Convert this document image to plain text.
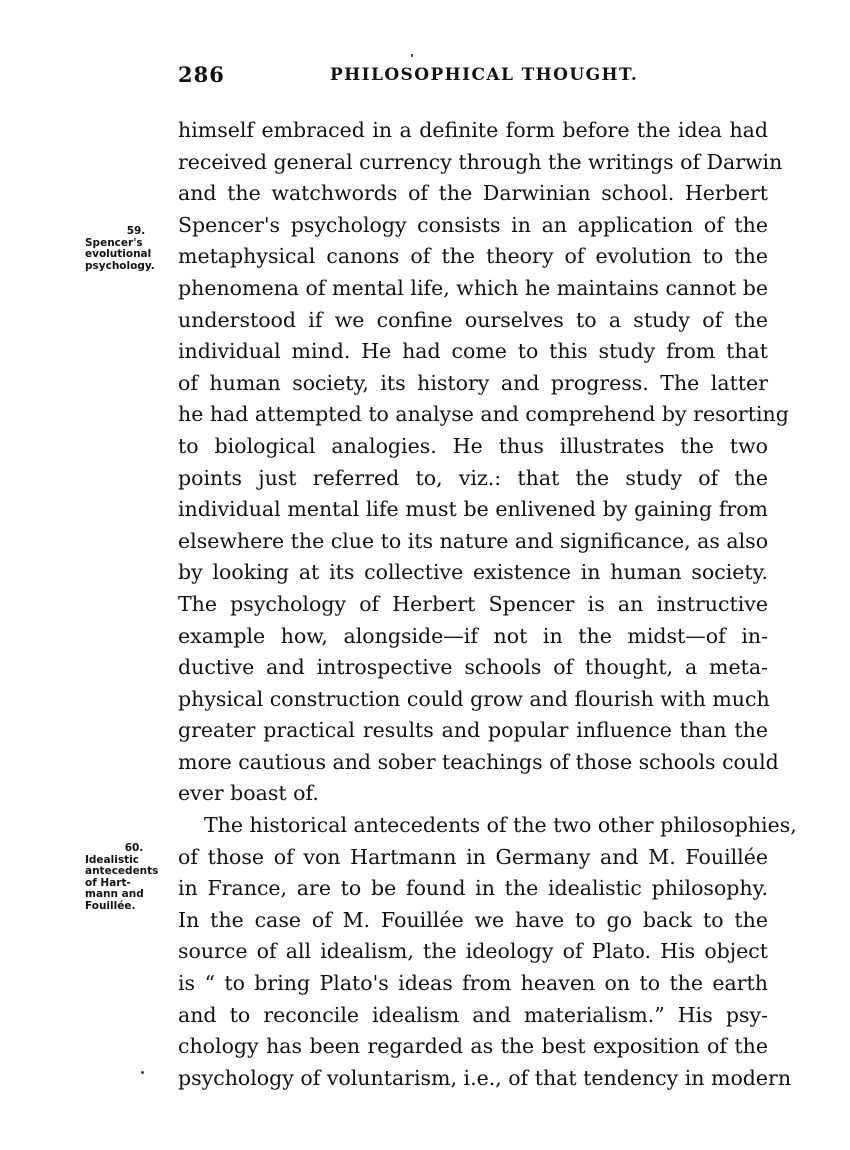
286	PHILOSOPHICAL THOUGHT.
59.
Spencer's
evolutional
psychology.
60.
Idealistic
antecedents
of Hart-
mann and
Fouillée.
himself embraced in a definite form before the idea had
received general currency through the writings of Darwin
and the watchwords of the Darwinian school. Herbert
Spencer's psychology consists in an application of the
metaphysical canons of the theory of evolution to the
phenomena of mental life, which he maintains cannot be
understood if we confine ourselves to a study of the
individual mind. He had come to this study from that
of human society, its history and progress. The latter
he had attempted to analyse and comprehend by resorting
to biological analogies. He thus illustrates the two
points just referred to, viz.: that the study of the
individual mental life must be enlivened by gaining from
elsewhere the clue to its nature and significance, as also
by looking at its collective existence in human society.
The psychology of Herbert Spencer is an instructive
example how, alongside—if not in the midst—of in-
ductive and introspective schools of thought, a meta-
physical construction could grow and flourish with much
greater practical results and popular influence than the
more cautious and sober teachings of those schools could
ever boast of.
The historical antecedents of the two other philosophies,
of those of von Hartmann in Germany and M. Fouillée
in France, are to be found in the idealistic philosophy.
In the case of M. Fouillée we have to go back to the
source of all idealism, the ideology of Plato. His object
is “ to bring Plato's ideas from heaven on to the earth
and to reconcile idealism and materialism.” His psy-
chology has been regarded as the best exposition of the
psychology of voluntarism, i.e., of that tendency in modern
